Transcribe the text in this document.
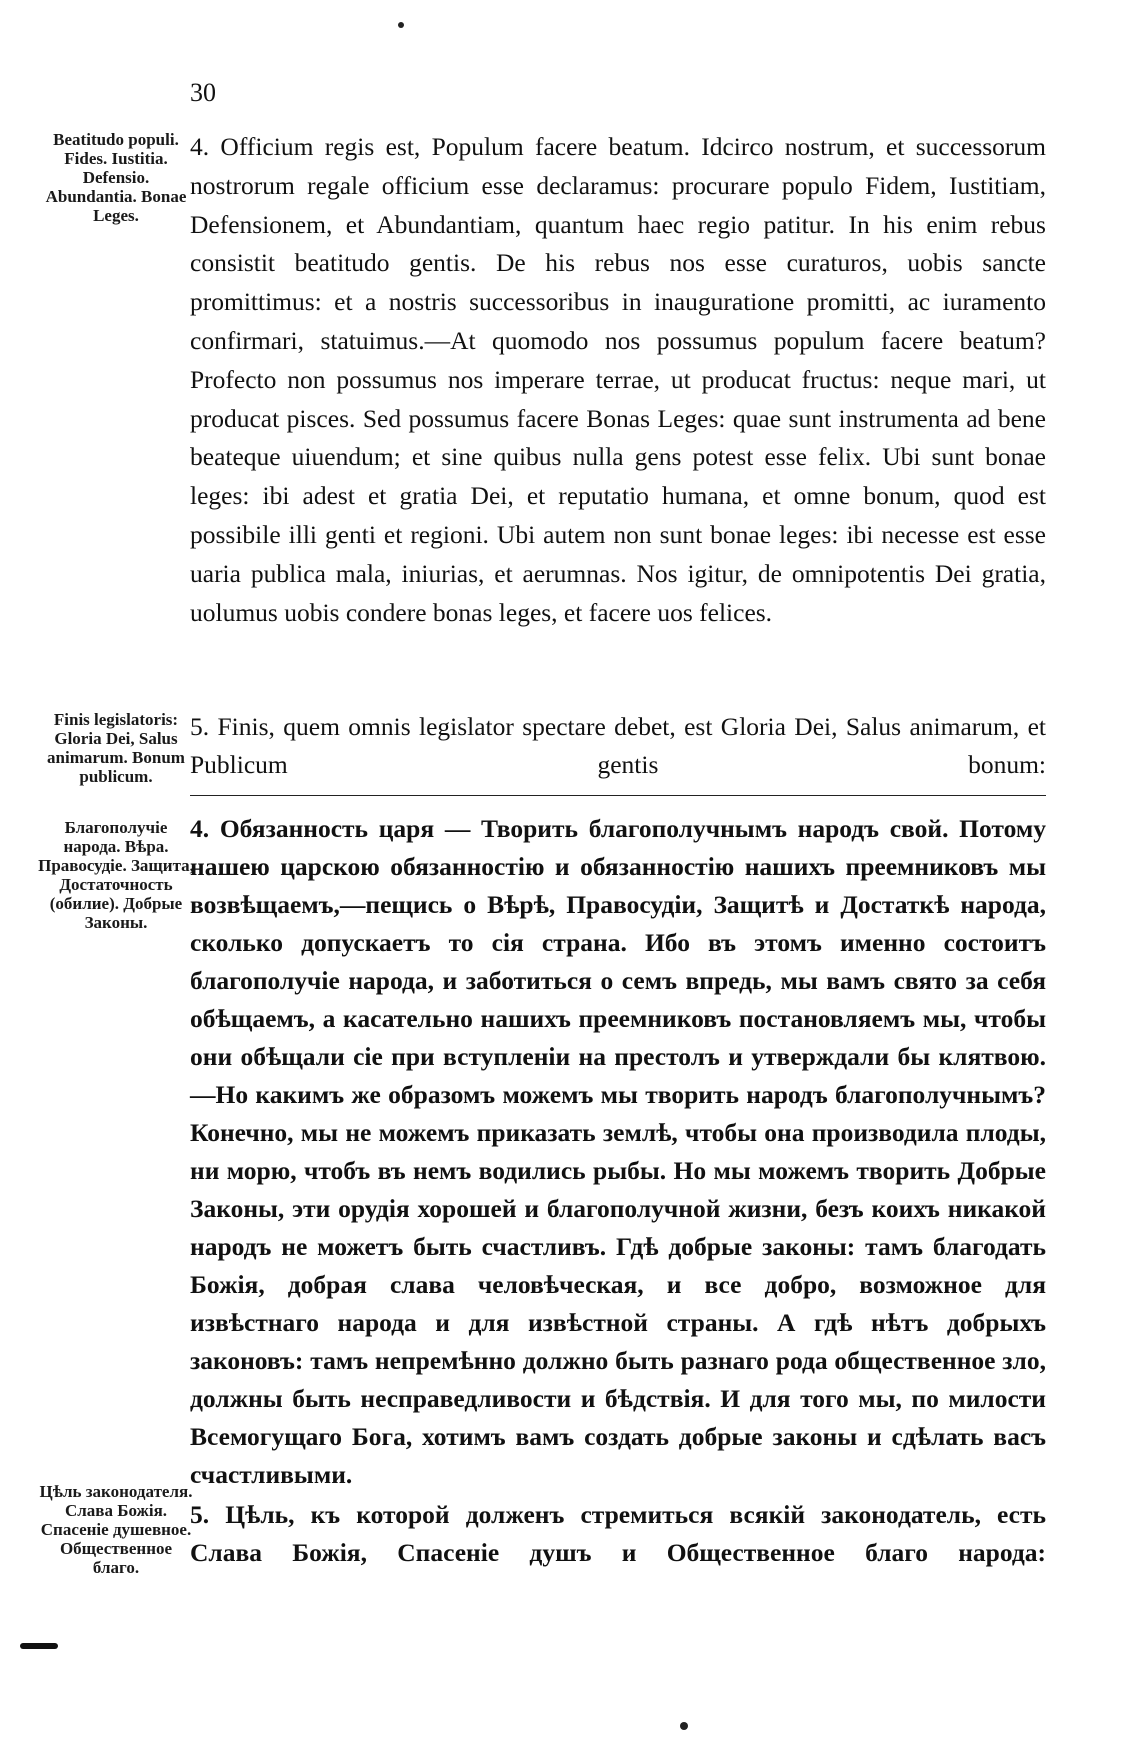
30
Beatitudo populi. Fides. Iustitia. Defensio. Abundantia. Bonae Leges.
Finis legislatoris: Gloria Dei, Salus animarum. Bonum publicum.
Благополучіе народа. Вѣра. Правосудіе. Защита, Достаточность (обилие). Добрые Законы.
Цѣль законодателя. Слава Божія. Спасеніе душевное. Общественное благо.

4. Officium regis est, Populum facere beatum. Idcirco nostrum, et successorum nostrorum regale officium esse declaramus: procurare populo Fidem, Iustitiam, Defensionem, et Abundantiam, quantum haec regio patitur. In his enim rebus consistit beatitudo gentis. De his rebus nos esse curaturos, uobis sancte promittimus: et a nostris successoribus in inauguratione promitti, ac iuramento confirmari, statuimus.—At quomodo nos possumus populum facere beatum? Profecto non possumus nos imperare terrae, ut producat fructus: neque mari, ut producat pisces. Sed possumus facere Bonas Leges: quae sunt instrumenta ad bene beateque uiuendum; et sine quibus nulla gens potest esse felix. Ubi sunt bonae leges: ibi adest et gratia Dei, et reputatio humana, et omne bonum, quod est possibile illi genti et regioni. Ubi autem non sunt bonae leges: ibi necesse est esse uaria publica mala, iniurias, et aerumnas. Nos igitur, de omnipotentis Dei gratia, uolumus uobis condere bonas leges, et facere uos felices.

5. Finis, quem omnis legislator spectare debet, est Gloria Dei, Salus animarum, et Publicum gentis bonum:

4. Обязанность царя — Творить благополучнымъ народъ свой. Потому нашею царскою обязанностію и обязанностію нашихъ преемниковъ мы возвѣщаемъ,—пещись о Вѣрѣ, Правосудіи, Защитѣ и Достаткѣ народа, сколько допускаетъ то сія страна. Ибо въ этомъ именно состоитъ благополучіе народа, и заботиться о семъ впредь, мы вамъ свято за себя обѣщаемъ, а касательно нашихъ преемниковъ постановляемъ мы, чтобы они обѣщали сіе при вступленіи на престолъ и утверждали бы клятвою.—Но какимъ же образомъ можемъ мы творить народъ благополучнымъ? Конечно, мы не можемъ приказать землѣ, чтобы она производила плоды, ни морю, чтобъ въ немъ водились рыбы. Но мы можемъ творить Добрые Законы, эти орудія хорошей и благополучной жизни, безъ коихъ никакой народъ не можетъ быть счастливъ. Гдѣ добрые законы: тамъ благодать Божія, добрая слава человѣческая, и все добро, возможное для извѣстнаго народа и для извѣстной страны. А гдѣ нѣтъ добрыхъ законовъ: тамъ непремѣнно должно быть разнаго рода общественное зло, должны быть несправедливости и бѣдствія. И для того мы, по милости Всемогущаго Бога, хотимъ вамъ создать добрые законы и сдѣлать васъ счастливыми.

5. Цѣль, къ которой долженъ стремиться всякій законодатель, есть Слава Божія, Спасеніе душъ и Общественное благо народа:
